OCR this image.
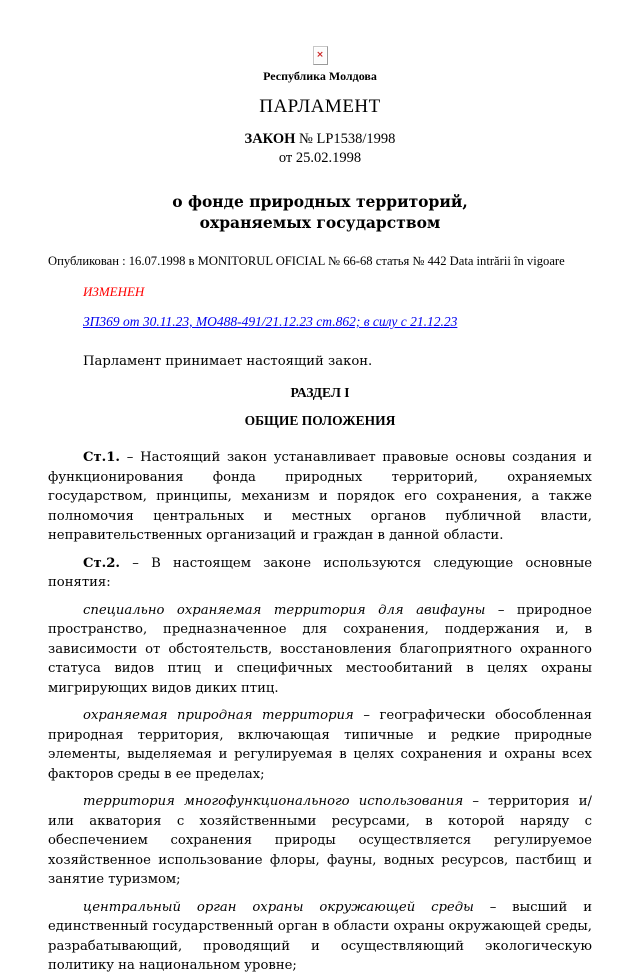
×
Республика Молдова
ПАРЛАМЕНТ
ЗАКОН № LP1538/1998
от 25.02.1998
о фонде природных территорий,
охраняемых государством
Опубликован : 16.07.1998 в MONITORUL OFICIAL № 66-68 статья № 442 Data intrării în vigoare
ИЗМЕНЕН
ЗП369 от 30.11.23, MO488-491/21.12.23 ст.862; в силу с 21.12.23

Парламент принимает настоящий закон.

РАЗДЕЛ I
ОБЩИЕ ПОЛОЖЕНИЯ

Ст.1. – Настоящий закон устанавливает правовые основы создания и функционирования фонда природных территорий, охраняемых государством, принципы, механизм и порядок его сохранения, а также полномочия центральных и местных органов публичной власти, неправительственных организаций и граждан в данной области.

Ст.2. – В настоящем законе используются следующие основные понятия:

специально охраняемая территория для авифауны – природное пространство, предназначенное для сохранения, поддержания и, в зависимости от обстоятельств, восстановления благоприятного охранного статуса видов птиц и специфичных местообитаний в целях охраны мигрирующих видов диких птиц.

охраняемая природная территория – географически обособленная природная территория, включающая типичные и редкие природные элементы, выделяемая и регулируемая в целях сохранения и охраны всех факторов среды в ее пределах;

территория многофункционального использования – территория и/или акватория с хозяйственными ресурсами, в которой наряду с обеспечением сохранения природы осуществляется регулируемое хозяйственное использование флоры, фауны, водных ресурсов, пастбищ и занятие туризмом;

центральный орган охраны окружающей среды – высший и единственный государственный орган в области охраны окружающей среды, разрабатывающий, проводящий и осуществляющий экологическую политику на национальном уровне;
